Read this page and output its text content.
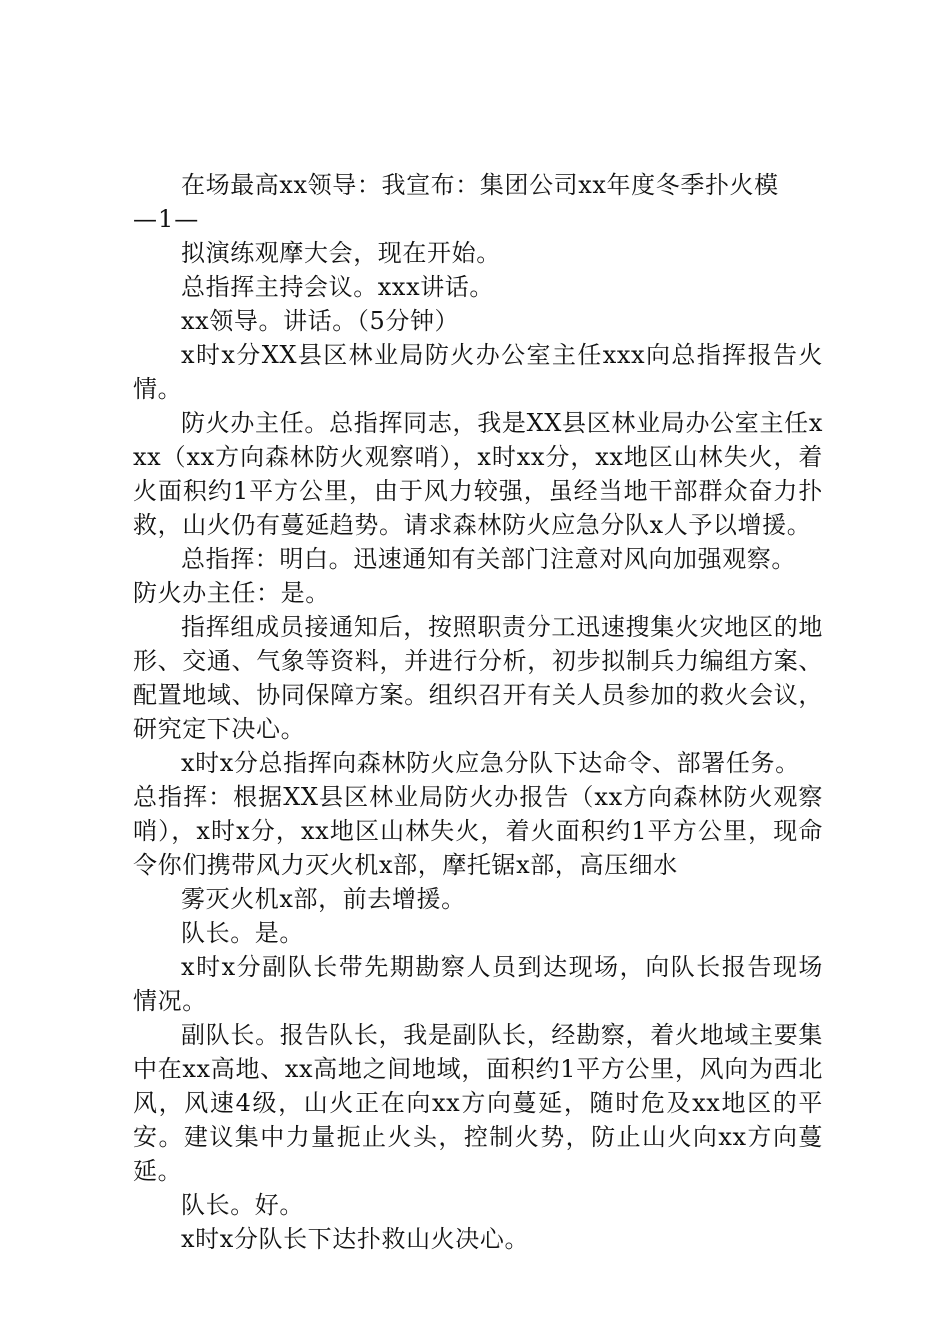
在场最高xx领导：我宣布：集团公司xx年度冬季扑火模

—1—

拟演练观摩大会，现在开始。

总指挥主持会议。xxx讲话。

xx领导。讲话。（5分钟）

x时x分XX县区林业局防火办公室主任xxx向总指挥报告火情。

防火办主任。总指挥同志，我是XX县区林业局办公室主任xxx（xx方向森林防火观察哨），x时xx分，xx地区山林失火，着火面积约1平方公里，由于风力较强，虽经当地干部群众奋力扑救，山火仍有蔓延趋势。请求森林防火应急分队x人予以增援。

总指挥：明白。迅速通知有关部门注意对风向加强观察。

防火办主任：是。

指挥组成员接通知后，按照职责分工迅速搜集火灾地区的地形、交通、气象等资料，并进行分析，初步拟制兵力编组方案、配置地域、协同保障方案。组织召开有关人员参加的救火会议，研究定下决心。

x时x分总指挥向森林防火应急分队下达命令、部署任务。

总指挥：根据XX县区林业局防火办报告（xx方向森林防火观察哨），x时x分，xx地区山林失火，着火面积约1平方公里，现命令你们携带风力灭火机x部，摩托锯x部，高压细水

雾灭火机x部，前去增援。

队长。是。

x时x分副队长带先期勘察人员到达现场，向队长报告现场情况。

副队长。报告队长，我是副队长，经勘察，着火地域主要集中在xx高地、xx高地之间地域，面积约1平方公里，风向为西北风，风速4级，山火正在向xx方向蔓延，随时危及xx地区的平安。建议集中力量扼止火头，控制火势，防止山火向xx方向蔓延。

队长。好。

x时x分队长下达扑救山火决心。
